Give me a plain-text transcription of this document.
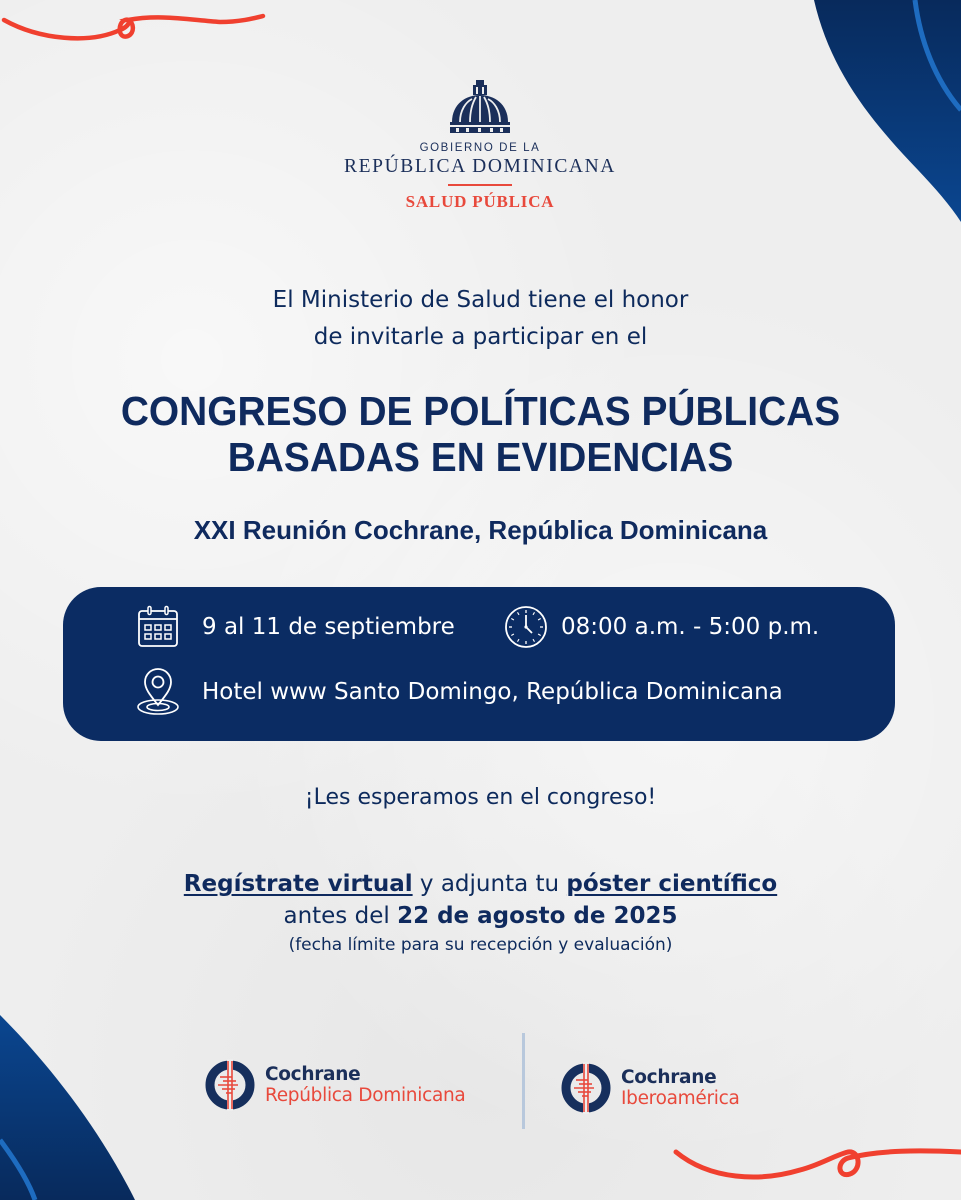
GOBIERNO DE LA
REPÚBLICA DOMINICANA
SALUD PÚBLICA
El Ministerio de Salud tiene el honor
de invitarle a participar en el
CONGRESO DE POLÍTICAS PÚBLICAS
BASADAS EN EVIDENCIAS
XXI Reunión Cochrane, República Dominicana
9 al 11 de septiembre	08:00 a.m. - 5:00 p.m.
Hotel www Santo Domingo, República Dominicana
¡Les esperamos en el congreso!
Regístrate virtual y adjunta tu póster científico
antes del 22 de agosto de 2025
(fecha límite para su recepción y evaluación)
Cochrane
República Dominicana
Cochrane
Iberoamérica
